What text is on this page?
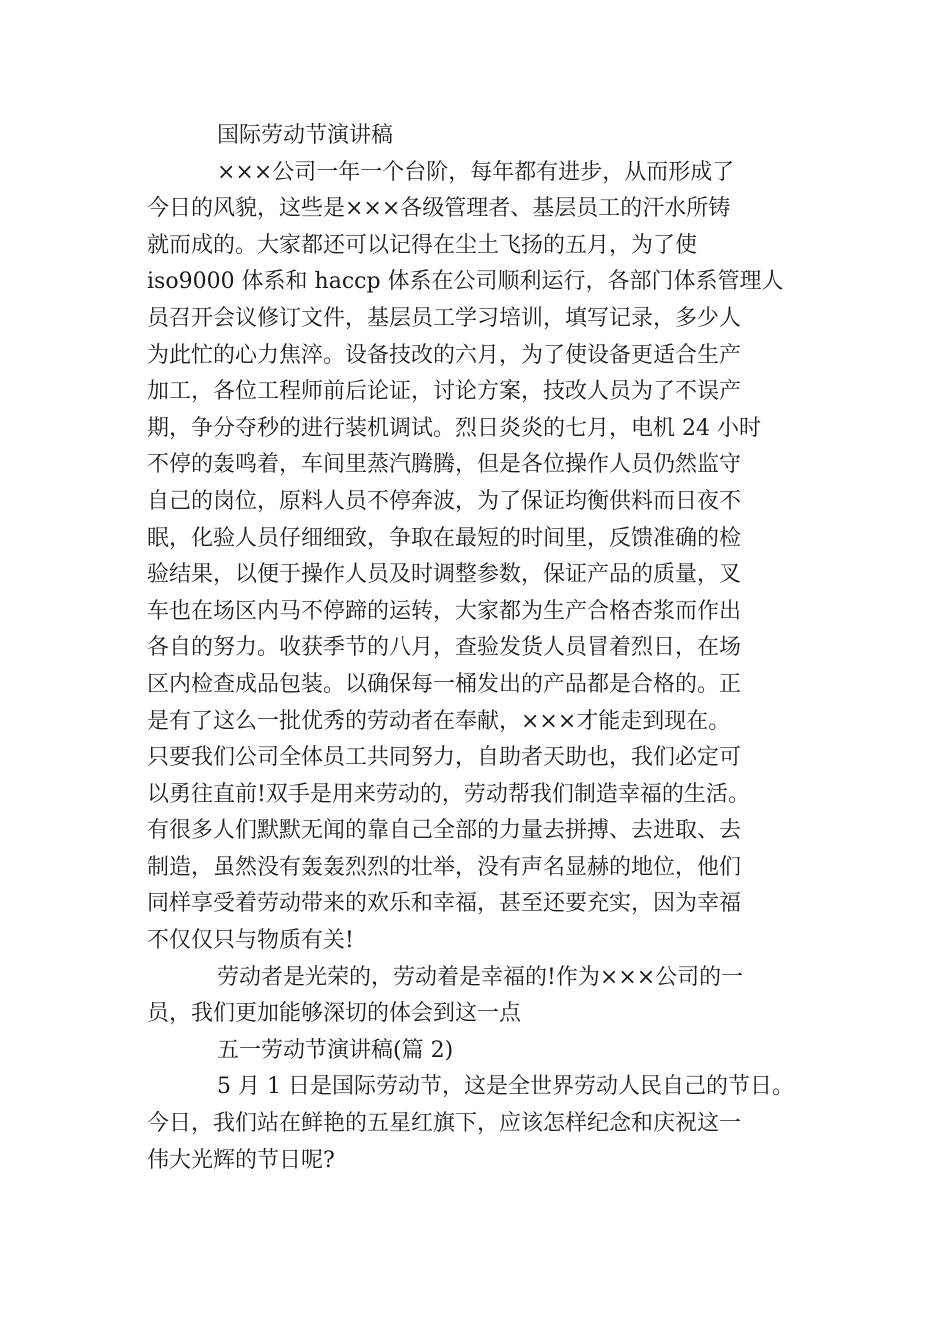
国际劳动节演讲稿
×××公司一年一个台阶，每年都有进步，从而形成了
今日的风貌，这些是×××各级管理者、基层员工的汗水所铸
就而成的。大家都还可以记得在尘土飞扬的五月，为了使
iso9000 体系和 haccp 体系在公司顺利运行，各部门体系管理人
员召开会议修订文件，基层员工学习培训，填写记录，多少人
为此忙的心力焦淬。设备技改的六月，为了使设备更适合生产
加工，各位工程师前后论证，讨论方案，技改人员为了不误产
期，争分夺秒的进行装机调试。烈日炎炎的七月，电机 24 小时
不停的轰鸣着，车间里蒸汽腾腾，但是各位操作人员仍然监守
自己的岗位，原料人员不停奔波，为了保证均衡供料而日夜不
眠，化验人员仔细细致，争取在最短的时间里，反馈准确的检
验结果，以便于操作人员及时调整参数，保证产品的质量，叉
车也在场区内马不停蹄的运转，大家都为生产合格杏浆而作出
各自的努力。收获季节的八月，查验发货人员冒着烈日，在场
区内检查成品包装。以确保每一桶发出的产品都是合格的。正
是有了这么一批优秀的劳动者在奉献，×××才能走到现在。
只要我们公司全体员工共同努力，自助者天助也，我们必定可
以勇往直前!双手是用来劳动的，劳动帮我们制造幸福的生活。
有很多人们默默无闻的靠自己全部的力量去拼搏、去进取、去
制造，虽然没有轰轰烈烈的壮举，没有声名显赫的地位，他们
同样享受着劳动带来的欢乐和幸福，甚至还要充实，因为幸福
不仅仅只与物质有关!
劳动者是光荣的，劳动着是幸福的!作为×××公司的一
员，我们更加能够深切的体会到这一点
五一劳动节演讲稿(篇 2)
5 月 1 日是国际劳动节，这是全世界劳动人民自己的节日。
今日，我们站在鲜艳的五星红旗下，应该怎样纪念和庆祝这一
伟大光辉的节日呢?
